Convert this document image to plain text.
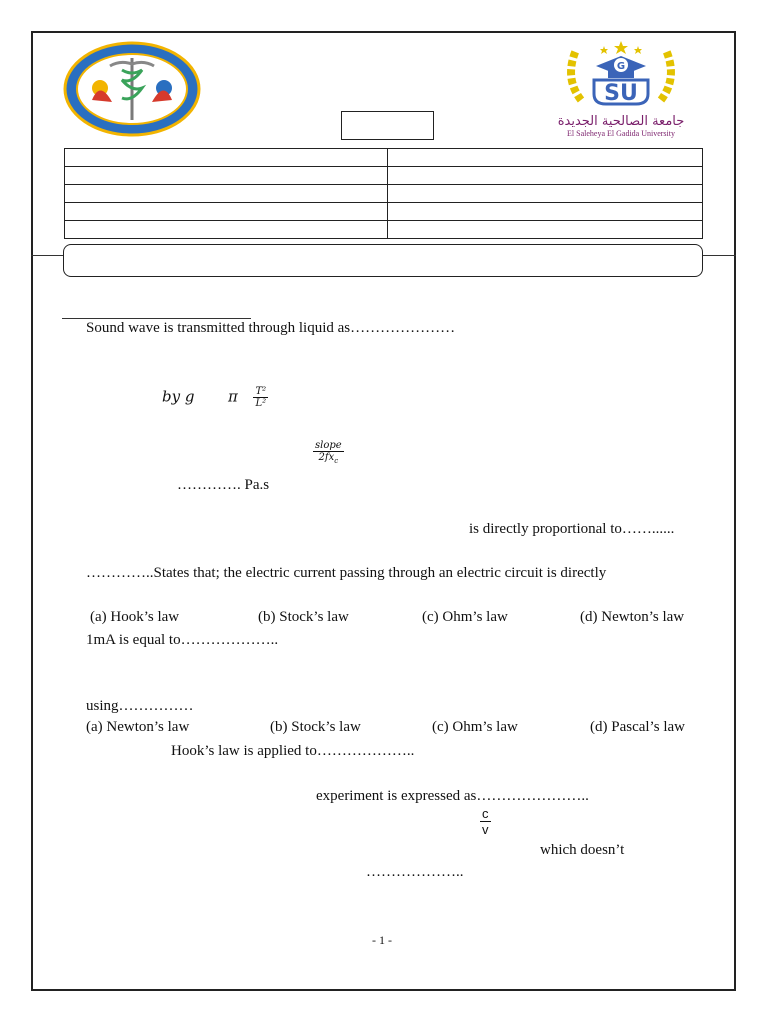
G
SU
جامعة الصالحية الجديدة
El Saleheya El Gadida University

Sound wave is transmitted through liquid as…………………
by g π $\frac{\text{T²}}{\text{L²}}$
$\frac{\text{slope}}{2fx_c}$
…………. Pa.s
is directly proportional to……......
…………..States that; the electric current passing through an electric circuit is directly
(a) Hook’s law	(b) Stock’s law	(c) Ohm’s law	(d) Newton’s law
1mA is equal to………………..
using……………
(a) Newton’s law	(b) Stock’s law	(c) Ohm’s law	(d) Pascal’s law
Hook’s law is applied to………………..
experiment is expressed as…………………..
$\frac{c}{v}$
which doesn’t
………………..
- 1 -
